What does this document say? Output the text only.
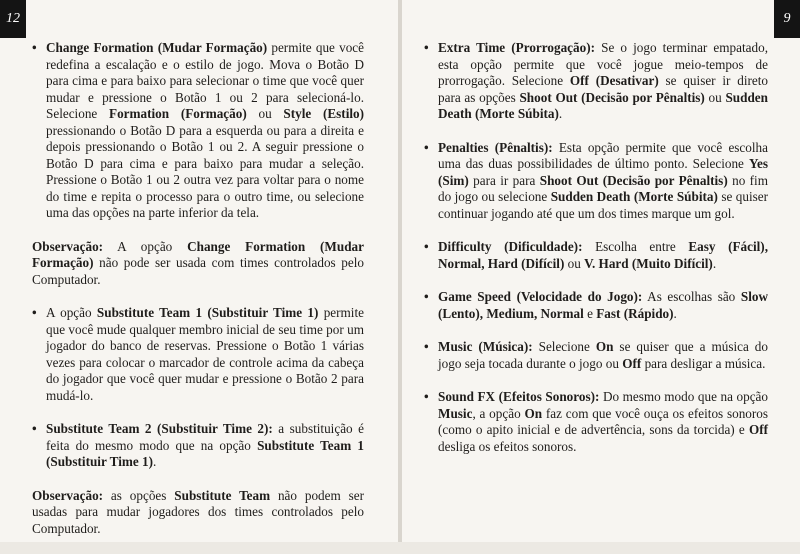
12

• Change Formation (Mudar Formação) permite que você redefina a escalação e o estilo de jogo. Mova o Botão D para cima e para baixo para selecionar o time que você quer mudar e pressione o Botão 1 ou 2 para selecioná-lo. Selecione Formation (Formação) ou Style (Estilo) pressionando o Botão D para a esquerda ou para a direita e depois pressionando o Botão 1 ou 2. A seguir pressione o Botão D para cima e para baixo para mudar a seleção. Pressione o Botão 1 ou 2 outra vez para voltar para o nome do time e repita o processo para o outro time, ou selecione uma das opções na parte inferior da tela.

Observação: A opção Change Formation (Mudar Formação) não pode ser usada com times controlados pelo Computador.

• A opção Substitute Team 1 (Substituir Time 1) permite que você mude qualquer membro inicial de seu time por um jogador do banco de reservas. Pressione o Botão 1 várias vezes para colocar o marcador de controle acima da cabeça do jogador que você quer mudar e pressione o Botão 2 para mudá-lo.

• Substitute Team 2 (Substituir Time 2): a substituição é feita do mesmo modo que na opção Substitute Team 1 (Substituir Time 1).

Observação: as opções Substitute Team não podem ser usadas para mudar jogadores dos times controlados pelo Computador.

9

• Extra Time (Prorrogação): Se o jogo terminar empatado, esta opção permite que você jogue meio-tempos de prorrogação. Selecione Off (Desativar) se quiser ir direto para as opções Shoot Out (Decisão por Pênaltis) ou Sudden Death (Morte Súbita).

• Penalties (Pênaltis): Esta opção permite que você escolha uma das duas possibilidades de último ponto. Selecione Yes (Sim) para ir para Shoot Out (Decisão por Pênaltis) no fim do jogo ou selecione Sudden Death (Morte Súbita) se quiser continuar jogando até que um dos times marque um gol.

• Difficulty (Dificuldade): Escolha entre Easy (Fácil), Normal, Hard (Difícil) ou V. Hard (Muito Difícil).

• Game Speed (Velocidade do Jogo): As escolhas são Slow (Lento), Medium, Normal e Fast (Rápido).

• Music (Música): Selecione On se quiser que a música do jogo seja tocada durante o jogo ou Off para desligar a música.

• Sound FX (Efeitos Sonoros): Do mesmo modo que na opção Music, a opção On faz com que você ouça os efeitos sonoros (como o apito inicial e de advertência, sons da torcida) e Off desliga os efeitos sonoros.
